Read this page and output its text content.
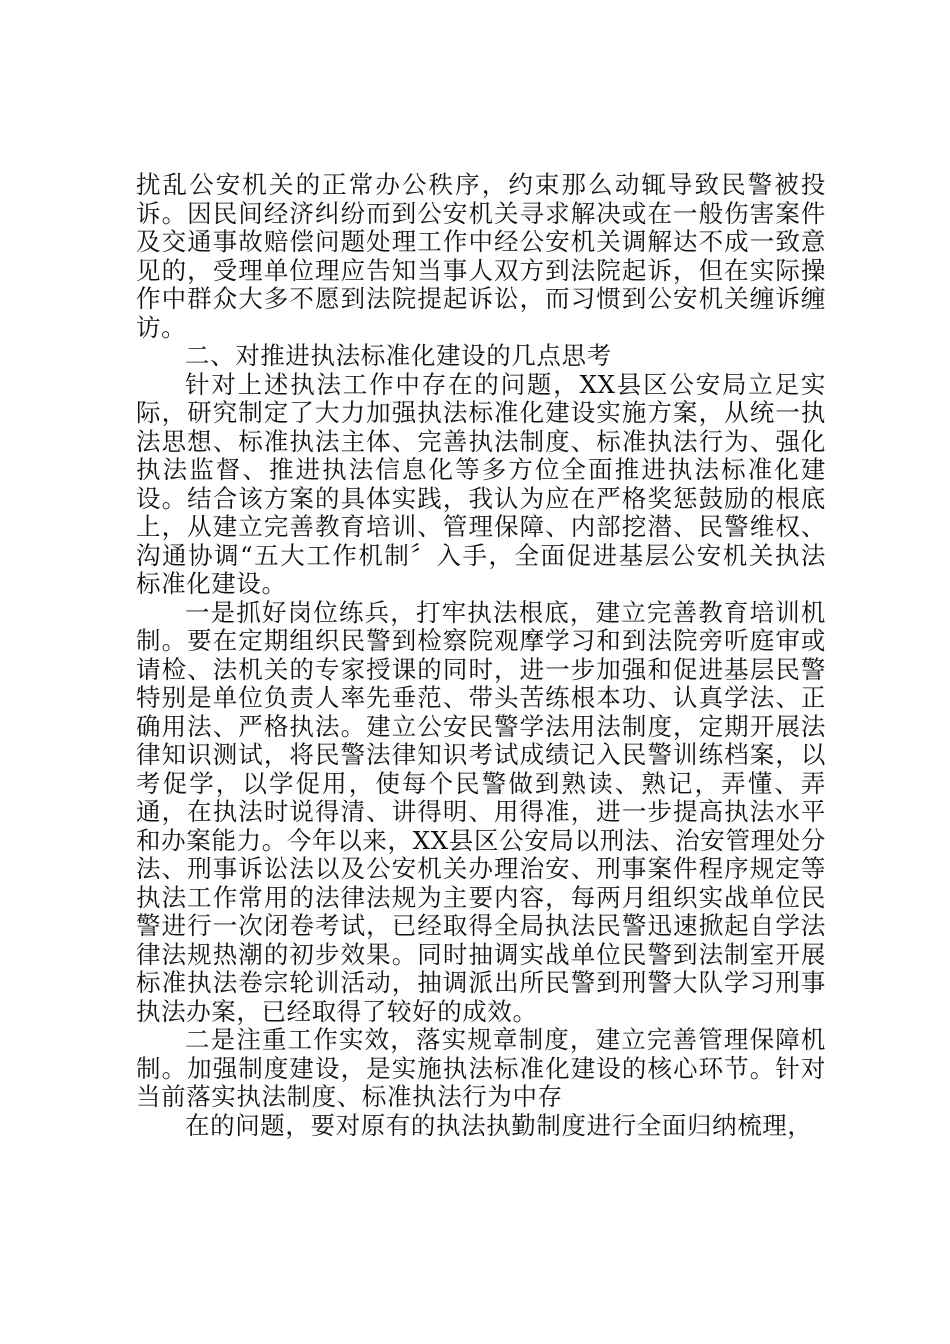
扰乱公安机关的正常办公秩序，约束那么动辄导致民警被投诉。因民间经济纠纷而到公安机关寻求解决或在一般伤害案件及交通事故赔偿问题处理工作中经公安机关调解达不成一致意见的，受理单位理应告知当事人双方到法院起诉，但在实际操作中群众大多不愿到法院提起诉讼，而习惯到公安机关缠诉缠访。

二、对推进执法标准化建设的几点思考

针对上述执法工作中存在的问题，XX县区公安局立足实际，研究制定了大力加强执法标准化建设实施方案，从统一执法思想、标准执法主体、完善执法制度、标准执法行为、强化执法监督、推进执法信息化等多方位全面推进执法标准化建设。结合该方案的具体实践，我认为应在严格奖惩鼓励的根底上，从建立完善教育培训、管理保障、内部挖潜、民警维权、沟通协调“五大工作机制〞入手，全面促进基层公安机关执法标准化建设。

一是抓好岗位练兵，打牢执法根底，建立完善教育培训机制。要在定期组织民警到检察院观摩学习和到法院旁听庭审或请检、法机关的专家授课的同时，进一步加强和促进基层民警特别是单位负责人率先垂范、带头苦练根本功、认真学法、正确用法、严格执法。建立公安民警学法用法制度，定期开展法律知识测试，将民警法律知识考试成绩记入民警训练档案，以考促学，以学促用，使每个民警做到熟读、熟记，弄懂、弄通，在执法时说得清、讲得明、用得准，进一步提高执法水平和办案能力。今年以来，XX县区公安局以刑法、治安管理处分法、刑事诉讼法以及公安机关办理治安、刑事案件程序规定等执法工作常用的法律法规为主要内容，每两月组织实战单位民警进行一次闭卷考试，已经取得全局执法民警迅速掀起自学法律法规热潮的初步效果。同时抽调实战单位民警到法制室开展标准执法卷宗轮训活动，抽调派出所民警到刑警大队学习刑事执法办案，已经取得了较好的成效。

二是注重工作实效，落实规章制度，建立完善管理保障机制。加强制度建设，是实施执法标准化建设的核心环节。针对当前落实执法制度、标准执法行为中存

在的问题，要对原有的执法执勤制度进行全面归纳梳理，
